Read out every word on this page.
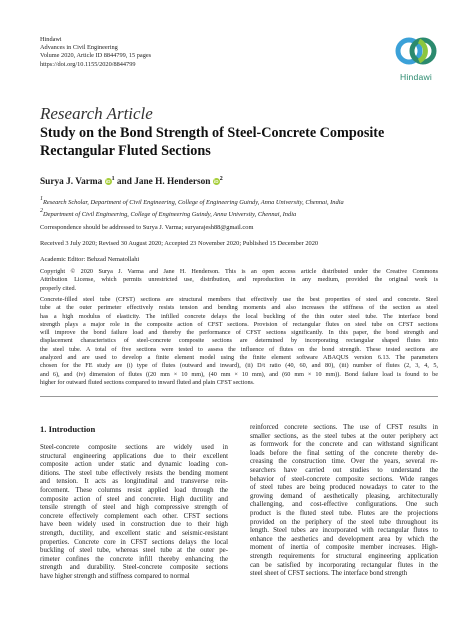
Hindawi
Advances in Civil Engineering
Volume 2020, Article ID 8844799, 15 pages
https://doi.org/10.1155/2020/8844799
Hindawi
Research Article
Study on the Bond Strength of Steel-Concrete Composite
Rectangular Fluted Sections
Surya J. Varma $iD^1$ and Jane H. Henderson $iD^2$
1Research Scholar, Department of Civil Engineering, College of Engineering Guindy, Anna University, Chennai, India
2Department of Civil Engineering, College of Engineering Guindy, Anna University, Chennai, India
Correspondence should be addressed to Surya J. Varma; suryarajesh88@gmail.com
Received 3 July 2020; Revised 30 August 2020; Accepted 23 November 2020; Published 15 December 2020
Academic Editor: Behzad Nematollahi

Copyright © 2020 Surya J. Varma and Jane H. Henderson. This is an open access article distributed under the Creative Commons
Attribution License, which permits unrestricted use, distribution, and reproduction in any medium, provided the original work is
properly cited.

Concrete-filled steel tube (CFST) sections are structural members that effectively use the best properties of steel and concrete. Steel
tube at the outer perimeter effectively resists tension and bending moments and also increases the stiffness of the section as steel
has a high modulus of elasticity. The infilled concrete delays the local buckling of the thin outer steel tube. The interface bond
strength plays a major role in the composite action of CFST sections. Provision of rectangular flutes on steel tube on CFST sections
will improve the bond failure load and thereby the performance of CFST sections significantly. In this paper, the bond strength and
displacement characteristics of steel-concrete composite sections are determined by incorporating rectangular shaped flutes into
the steel tube. A total of five sections were tested to assess the influence of flutes on the bond strength. These tested sections are
analyzed and are used to develop a finite element model using the finite element software ABAQUS version 6.13. The parameters
chosen for the FE study are (i) type of flutes (outward and inward), (ii) D/t ratio (40, 60, and 80), (iii) number of flutes (2, 3, 4, 5,
and 6), and (iv) dimension of flutes ((20 mm × 10 mm), (40 mm × 10 mm), and (60 mm × 10 mm)). Bond failure load is found to be
higher for outward fluted sections compared to inward fluted and plain CFST sections.

1. Introduction
Steel-concrete composite sections are widely used in
structural engineering applications due to their excellent
composite action under static and dynamic loading con-
ditions. The steel tube effectively resists the bending moment
and tension. It acts as longitudinal and transverse rein-
forcement. These columns resist applied load through the
composite action of steel and concrete. High ductility and
tensile strength of steel and high compressive strength of
concrete effectively complement each other. CFST sections
have been widely used in construction due to their high
strength, ductility, and excellent static and seismic-resistant
properties. Concrete core in CFST sections delays the local
buckling of steel tube, whereas steel tube at the outer pe-
rimeter confines the concrete infill thereby enhancing the
strength and durability. Steel-concrete composite sections
have higher strength and stiffness compared to normal
reinforced concrete sections. The use of CFST results in
smaller sections, as the steel tubes at the outer periphery act
as formwork for the concrete and can withstand significant
loads before the final setting of the concrete thereby de-
creasing the construction time. Over the years, several re-
searchers have carried out studies to understand the
behavior of steel-concrete composite sections. Wide ranges
of steel tubes are being produced nowadays to cater to the
growing demand of aesthetically pleasing, architecturally
challenging, and cost-effective configurations. One such
product is the fluted steel tube. Flutes are the projections
provided on the periphery of the steel tube throughout its
length. Steel tubes are incorporated with rectangular flutes to
enhance the aesthetics and development area by which the
moment of inertia of composite member increases. High-
strength requirements for structural engineering application
can be satisfied by incorporating rectangular flutes in the
steel sheet of CFST sections. The interface bond strength
